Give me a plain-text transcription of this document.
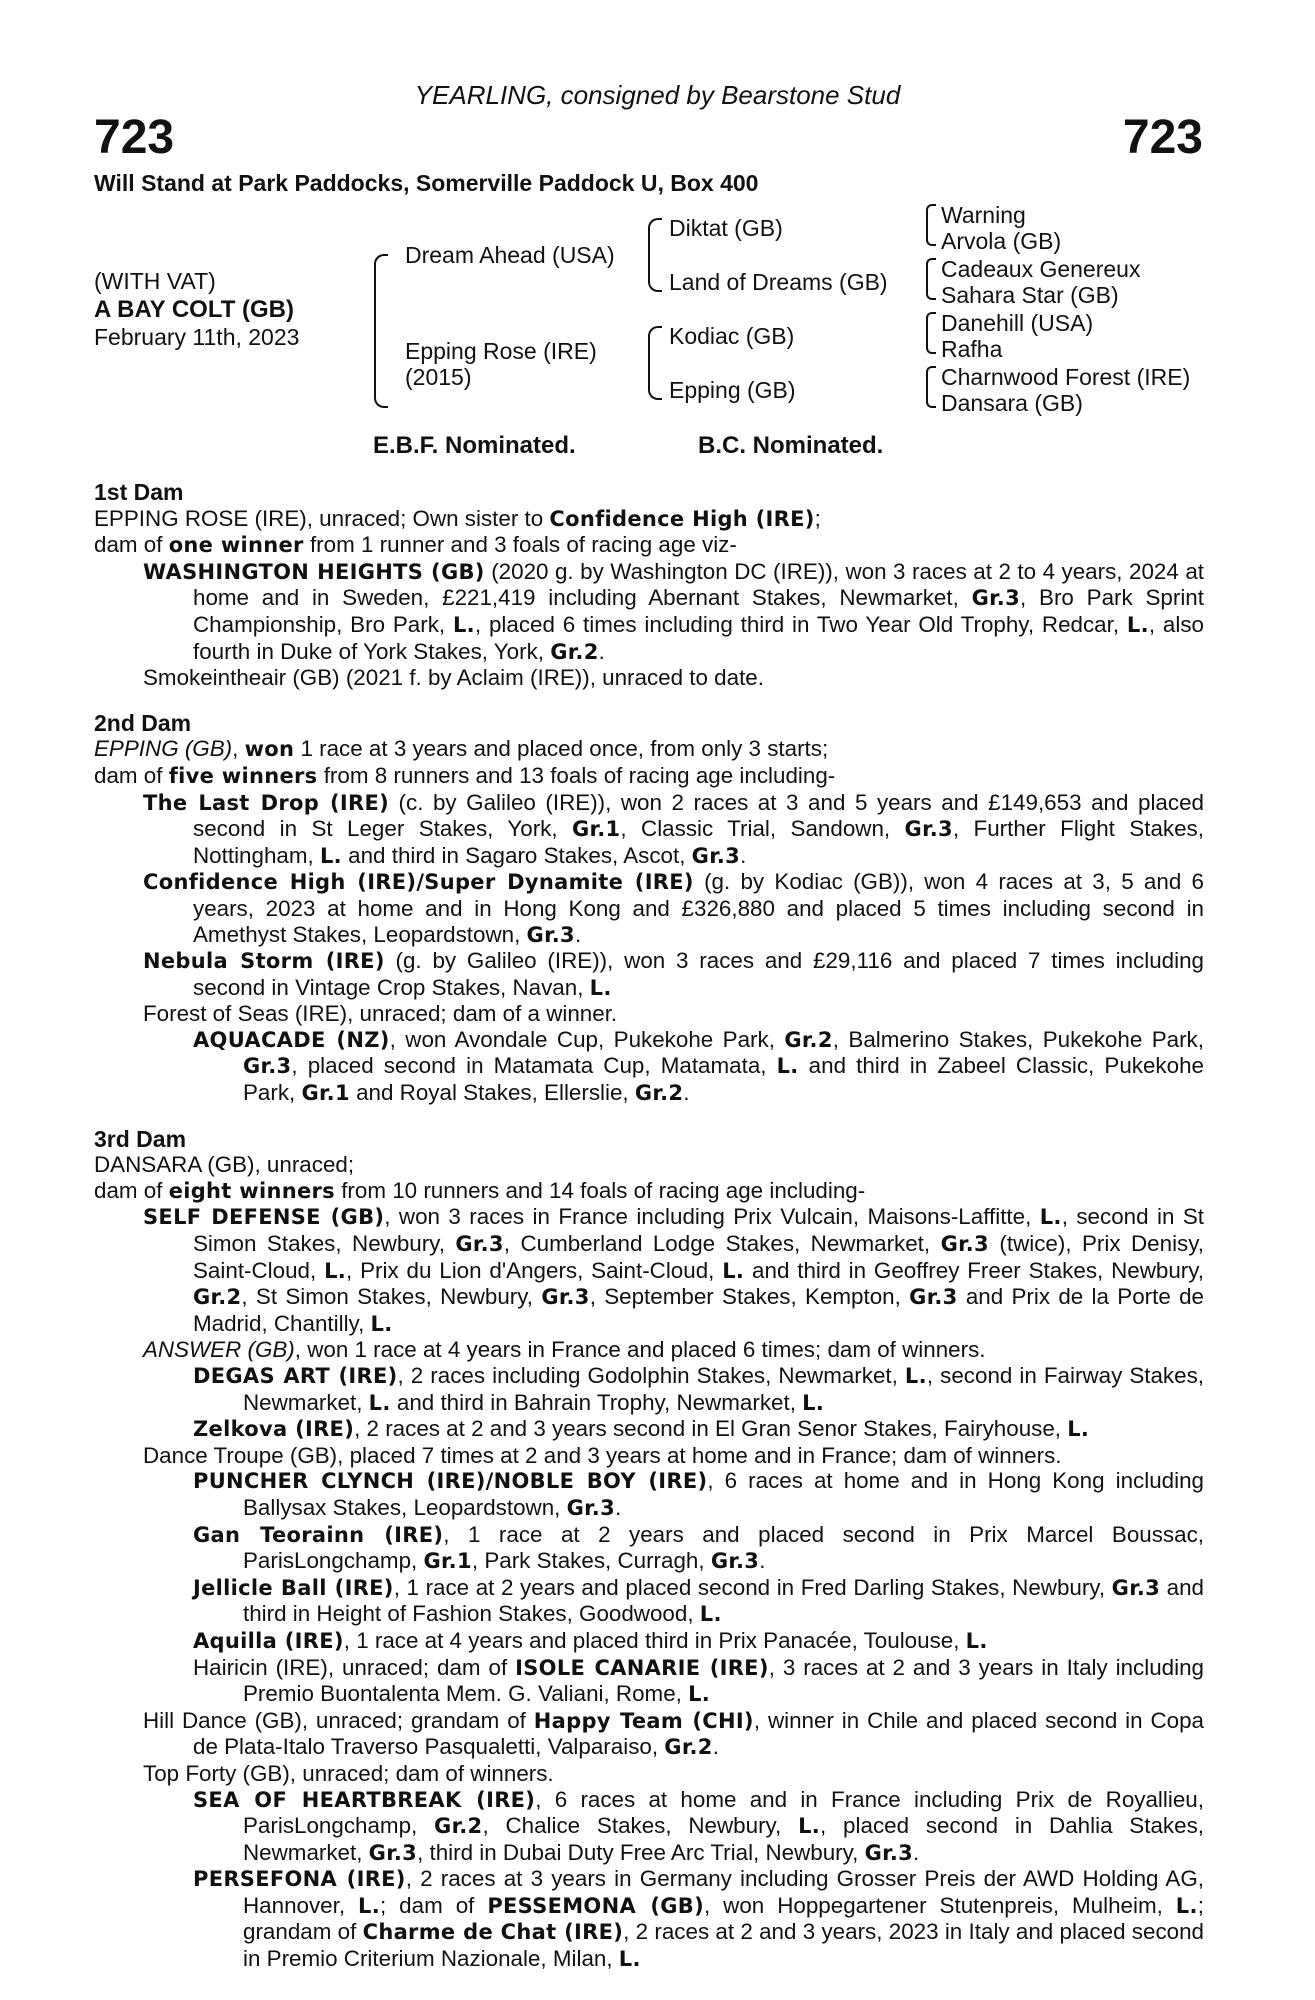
YEARLING, consigned by Bearstone Stud
723	723
Will Stand at Park Paddocks, Somerville Paddock U, Box 400
(WITH VAT)
A BAY COLT (GB)
February 11th, 2023
Dream Ahead (USA)
Epping Rose (IRE)
(2015)
Diktat (GB)
Land of Dreams (GB)
Kodiac (GB)
Epping (GB)
Warning
Arvola (GB)
Cadeaux Genereux
Sahara Star (GB)
Danehill (USA)
Rafha
Charnwood Forest (IRE)
Dansara (GB)
E.B.F. Nominated.	B.C. Nominated.
1st Dam
EPPING ROSE (IRE), unraced; Own sister to Confidence High (IRE);
dam of one winner from 1 runner and 3 foals of racing age viz-
WASHINGTON HEIGHTS (GB) (2020 g. by Washington DC (IRE)), won 3 races at 2 to 4 years, 2024 at home and in Sweden, £221,419 including Abernant Stakes, Newmarket, Gr.3, Bro Park Sprint Championship, Bro Park, L., placed 6 times including third in Two Year Old Trophy, Redcar, L., also fourth in Duke of York Stakes, York, Gr.2.
Smokeintheair (GB) (2021 f. by Aclaim (IRE)), unraced to date.
2nd Dam
EPPING (GB), won 1 race at 3 years and placed once, from only 3 starts;
dam of five winners from 8 runners and 13 foals of racing age including-
The Last Drop (IRE) (c. by Galileo (IRE)), won 2 races at 3 and 5 years and £149,653 and placed second in St Leger Stakes, York, Gr.1, Classic Trial, Sandown, Gr.3, Further Flight Stakes, Nottingham, L. and third in Sagaro Stakes, Ascot, Gr.3.
Confidence High (IRE)/Super Dynamite (IRE) (g. by Kodiac (GB)), won 4 races at 3, 5 and 6 years, 2023 at home and in Hong Kong and £326,880 and placed 5 times including second in Amethyst Stakes, Leopardstown, Gr.3.
Nebula Storm (IRE) (g. by Galileo (IRE)), won 3 races and £29,116 and placed 7 times including second in Vintage Crop Stakes, Navan, L.
Forest of Seas (IRE), unraced; dam of a winner.
AQUACADE (NZ), won Avondale Cup, Pukekohe Park, Gr.2, Balmerino Stakes, Pukekohe Park, Gr.3, placed second in Matamata Cup, Matamata, L. and third in Zabeel Classic, Pukekohe Park, Gr.1 and Royal Stakes, Ellerslie, Gr.2.
3rd Dam
DANSARA (GB), unraced;
dam of eight winners from 10 runners and 14 foals of racing age including-
SELF DEFENSE (GB), won 3 races in France including Prix Vulcain, Maisons-Laffitte, L., second in St Simon Stakes, Newbury, Gr.3, Cumberland Lodge Stakes, Newmarket, Gr.3 (twice), Prix Denisy, Saint-Cloud, L., Prix du Lion d'Angers, Saint-Cloud, L. and third in Geoffrey Freer Stakes, Newbury, Gr.2, St Simon Stakes, Newbury, Gr.3, September Stakes, Kempton, Gr.3 and Prix de la Porte de Madrid, Chantilly, L.
ANSWER (GB), won 1 race at 4 years in France and placed 6 times; dam of winners.
DEGAS ART (IRE), 2 races including Godolphin Stakes, Newmarket, L., second in Fairway Stakes, Newmarket, L. and third in Bahrain Trophy, Newmarket, L.
Zelkova (IRE), 2 races at 2 and 3 years second in El Gran Senor Stakes, Fairyhouse, L.
Dance Troupe (GB), placed 7 times at 2 and 3 years at home and in France; dam of winners.
PUNCHER CLYNCH (IRE)/NOBLE BOY (IRE), 6 races at home and in Hong Kong including Ballysax Stakes, Leopardstown, Gr.3.
Gan Teorainn (IRE), 1 race at 2 years and placed second in Prix Marcel Boussac, ParisLongchamp, Gr.1, Park Stakes, Curragh, Gr.3.
Jellicle Ball (IRE), 1 race at 2 years and placed second in Fred Darling Stakes, Newbury, Gr.3 and third in Height of Fashion Stakes, Goodwood, L.
Aquilla (IRE), 1 race at 4 years and placed third in Prix Panacée, Toulouse, L.
Hairicin (IRE), unraced; dam of ISOLE CANARIE (IRE), 3 races at 2 and 3 years in Italy including Premio Buontalenta Mem. G. Valiani, Rome, L.
Hill Dance (GB), unraced; grandam of Happy Team (CHI), winner in Chile and placed second in Copa de Plata-Italo Traverso Pasqualetti, Valparaiso, Gr.2.
Top Forty (GB), unraced; dam of winners.
SEA OF HEARTBREAK (IRE), 6 races at home and in France including Prix de Royallieu, ParisLongchamp, Gr.2, Chalice Stakes, Newbury, L., placed second in Dahlia Stakes, Newmarket, Gr.3, third in Dubai Duty Free Arc Trial, Newbury, Gr.3.
PERSEFONA (IRE), 2 races at 3 years in Germany including Grosser Preis der AWD Holding AG, Hannover, L.; dam of PESSEMONA (GB), won Hoppegartener Stutenpreis, Mulheim, L.; grandam of Charme de Chat (IRE), 2 races at 2 and 3 years, 2023 in Italy and placed second in Premio Criterium Nazionale, Milan, L.
